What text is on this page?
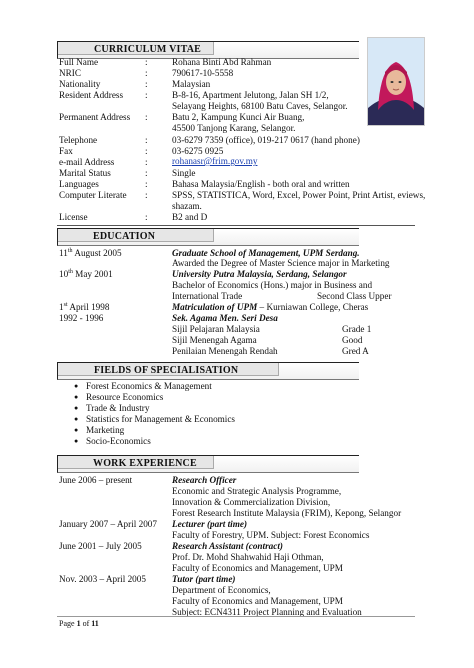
CURRICULUM VITAE
Full Name	:	Rohana Binti Abd Rahman
NRIC	:	790617-10-5558
Nationality	:	Malaysian
Resident Address :	B-8-16, Apartment Jelutong, Jalan SH 1/2,
Selayang Heights, 68100 Batu Caves, Selangor.
Permanent Address :	Batu 2, Kampung Kunci Air Buang,
45500 Tanjong Karang, Selangor.
Telephone	:	03-6279 7359 (office), 019-217 0617 (hand phone)
Fax	:	03-6275 0925
e-mail Address	:	rohanasr@frim.gov.my
Marital Status	:	Single
Languages	:	Bahasa Malaysia/English - both oral and written
Computer Literate :	SPSS, STATISTICA, Word, Excel, Power Point, Print Artist, eviews,
shazam.
License	:	B2 and D
EDUCATION
11th August 2005	Graduate School of Management, UPM Serdang.
Awarded the Degree of Master Science major in Marketing
10th May 2001	University Putra Malaysia, Serdang, Selangor
Bachelor of Economics (Hons.) major in Business and
International Trade	Second Class Upper
1st April 1998	Matriculation of UPM – Kurniawan College, Cheras
1992 - 1996	Sek. Agama Men. Seri Desa
Sijil Pelajaran Malaysia	Grade 1
Sijil Menengah Agama	Good
Penilaian Menengah Rendah	Gred A
FIELDS OF SPECIALISATION
● Forest Economics & Management
● Resource Economics
● Trade & Industry
● Statistics for Management & Economics
● Marketing
● Socio-Economics
WORK EXPERIENCE
June 2006 – present	Research Officer
Economic and Strategic Analysis Programme,
Innovation & Commercialization Division,
Forest Research Institute Malaysia (FRIM), Kepong, Selangor
January 2007 – April 2007 Lecturer (part time)
Faculty of Forestry, UPM. Subject: Forest Economics
June 2001 – July 2005	Research Assistant (contract)
Prof. Dr. Mohd Shahwahid Haji Othman,
Faculty of Economics and Management, UPM
Nov. 2003 – April 2005	Tutor (part time)
Department of Economics,
Faculty of Economics and Management, UPM
Subject: ECN4311 Project Planning and Evaluation
Page 1 of 11
